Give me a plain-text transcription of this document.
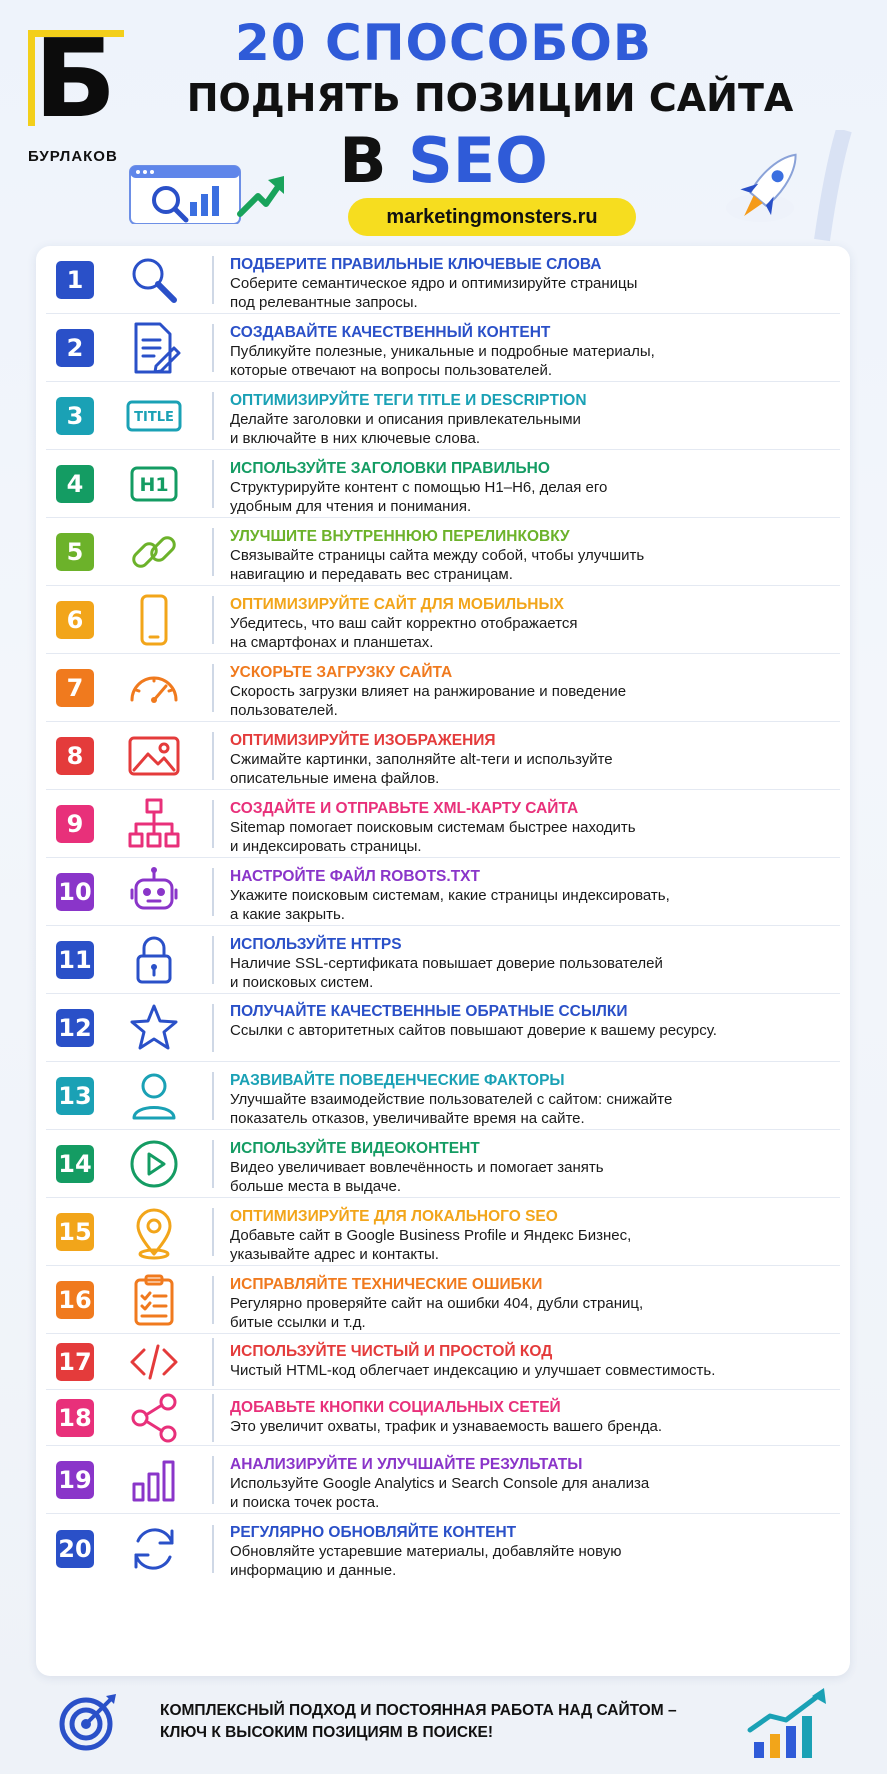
Б
БУРЛАКОВ
20 СПОСОБОВ
ПОДНЯТЬ ПОЗИЦИИ САЙТА
В SEO
marketingmonsters.ru
1
ПОДБЕРИТЕ ПРАВИЛЬНЫЕ КЛЮЧЕВЫЕ СЛОВА
Соберите семантическое ядро и оптимизируйте страницы
под релевантные запросы.
2
СОЗДАВАЙТЕ КАЧЕСТВЕННЫЙ КОНТЕНТ
Публикуйте полезные, уникальные и подробные материалы,
которые отвечают на вопросы пользователей.
3	TITLE
ОПТИМИЗИРУЙТЕ ТЕГИ TITLE И DESCRIPTION
Делайте заголовки и описания привлекательными
и включайте в них ключевые слова.
4	H1
ИСПОЛЬЗУЙТЕ ЗАГОЛОВКИ ПРАВИЛЬНО
Структурируйте контент с помощью H1–H6, делая его
удобным для чтения и понимания.
5
УЛУЧШИТЕ ВНУТРЕННЮЮ ПЕРЕЛИНКОВКУ
Связывайте страницы сайта между собой, чтобы улучшить
навигацию и передавать вес страницам.
6
ОПТИМИЗИРУЙТЕ САЙТ ДЛЯ МОБИЛЬНЫХ
Убедитесь, что ваш сайт корректно отображается
на смартфонах и планшетах.
7
УСКОРЬТЕ ЗАГРУЗКУ САЙТА
Скорость загрузки влияет на ранжирование и поведение
пользователей.
8
ОПТИМИЗИРУЙТЕ ИЗОБРАЖЕНИЯ
Сжимайте картинки, заполняйте alt-теги и используйте
описательные имена файлов.
9
СОЗДАЙТЕ И ОТПРАВЬТЕ XML-КАРТУ САЙТА
Sitemap помогает поисковым системам быстрее находить
и индексировать страницы.
10
НАСТРОЙТЕ ФАЙЛ ROBOTS.TXT
Укажите поисковым системам, какие страницы индексировать,
а какие закрыть.
11
ИСПОЛЬЗУЙТЕ HTTPS
Наличие SSL-сертификата повышает доверие пользователей
и поисковых систем.
12
ПОЛУЧАЙТЕ КАЧЕСТВЕННЫЕ ОБРАТНЫЕ ССЫЛКИ
Ссылки с авторитетных сайтов повышают доверие к вашему ресурсу.
13
РАЗВИВАЙТЕ ПОВЕДЕНЧЕСКИЕ ФАКТОРЫ
Улучшайте взаимодействие пользователей с сайтом: снижайте
показатель отказов, увеличивайте время на сайте.
14
ИСПОЛЬЗУЙТЕ ВИДЕОКОНТЕНТ
Видео увеличивает вовлечённость и помогает занять
больше места в выдаче.
15
ОПТИМИЗИРУЙТЕ ДЛЯ ЛОКАЛЬНОГО SEO
Добавьте сайт в Google Business Profile и Яндекс Бизнес,
указывайте адрес и контакты.
16
ИСПРАВЛЯЙТЕ ТЕХНИЧЕСКИЕ ОШИБКИ
Регулярно проверяйте сайт на ошибки 404, дубли страниц,
битые ссылки и т.д.
17	ИСПОЛЬЗУЙТЕ ЧИСТЫЙ И ПРОСТОЙ КОД
Чистый HTML-код облегчает индексацию и улучшает совместимость.
18	ДОБАВЬТЕ КНОПКИ СОЦИАЛЬНЫХ СЕТЕЙ
Это увеличит охваты, трафик и узнаваемость вашего бренда.
19
АНАЛИЗИРУЙТЕ И УЛУЧШАЙТЕ РЕЗУЛЬТАТЫ
Используйте Google Analytics и Search Console для анализа
и поиска точек роста.
20
РЕГУЛЯРНО ОБНОВЛЯЙТЕ КОНТЕНТ
Обновляйте устаревшие материалы, добавляйте новую
информацию и данные.
КОМПЛЕКСНЫЙ ПОДХОД И ПОСТОЯННАЯ РАБОТА НАД САЙТОМ –
КЛЮЧ К ВЫСОКИМ ПОЗИЦИЯМ В ПОИСКЕ!
